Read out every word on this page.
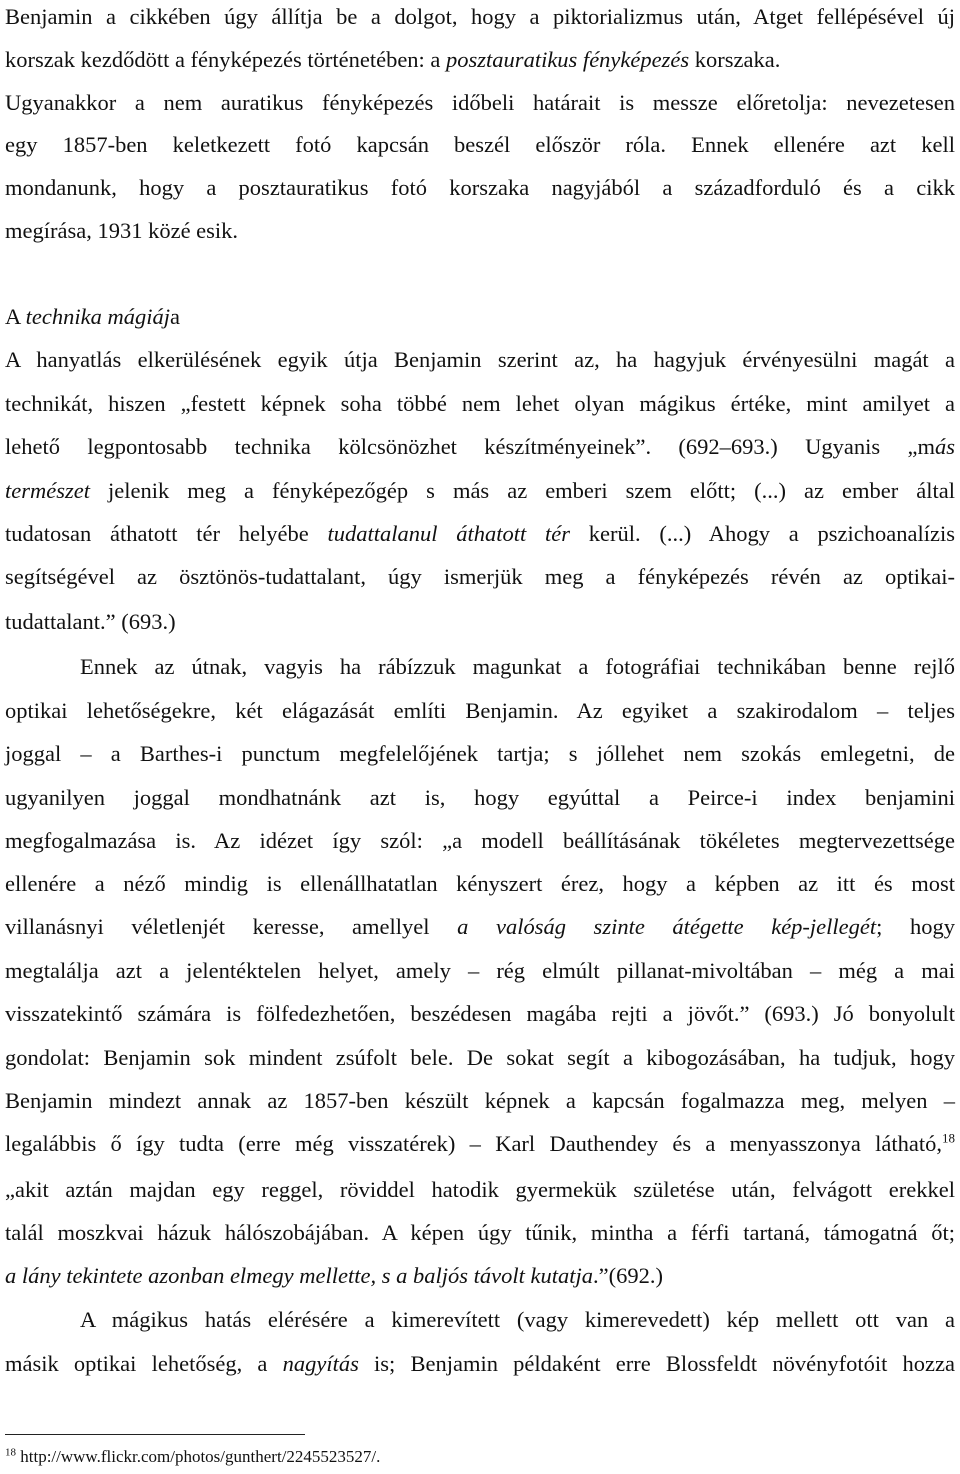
Benjamin a cikkében úgy állítja be a dolgot, hogy a piktorializmus után, Atget fellépésével új
korszak kezdődött a fényképezés történetében: a posztauratikus fényképezés korszaka.
Ugyanakkor a nem auratikus fényképezés időbeli határait is messze előretolja: nevezetesen
egy 1857-ben keletkezett fotó kapcsán beszél először róla. Ennek ellenére azt kell
mondanunk, hogy a posztauratikus fotó korszaka nagyjából a századforduló és a cikk
megírása, 1931 közé esik.
A technika mágiája
A hanyatlás elkerülésének egyik útja Benjamin szerint az, ha hagyjuk érvényesülni magát a
technikát, hiszen „festett képnek soha többé nem lehet olyan mágikus értéke, mint amilyet a
lehető legpontosabb technika kölcsönözhet készítményeinek”. (692–693.) Ugyanis „más
természet jelenik meg a fényképezőgép s más az emberi szem előtt; (...) az ember által
tudatosan áthatott tér helyébe tudattalanul áthatott tér kerül. (...) Ahogy a pszichoanalízis
segítségével az ösztönös-tudattalant, úgy ismerjük meg a fényképezés révén az optikai-
tudattalant.” (693.)
Ennek az útnak, vagyis ha rábízzuk magunkat a fotográfiai technikában benne rejlő
optikai lehetőségekre, két elágazását említi Benjamin. Az egyiket a szakirodalom – teljes
joggal – a Barthes-i punctum megfelelőjének tartja; s jóllehet nem szokás emlegetni, de
ugyanilyen joggal mondhatnánk azt is, hogy egyúttal a Peirce-i index benjamini
megfogalmazása is. Az idézet így szól: „a modell beállításának tökéletes megtervezettsége
ellenére a néző mindig is ellenállhatatlan kényszert érez, hogy a képben az itt és most
villanásnyi véletlenjét keresse, amellyel a valóság szinte átégette kép-jellegét; hogy
megtalálja azt a jelentéktelen helyet, amely – rég elmúlt pillanat-mivoltában – még a mai
visszatekintő számára is fölfedezhetően, beszédesen magába rejti a jövőt.” (693.) Jó bonyolult
gondolat: Benjamin sok mindent zsúfolt bele. De sokat segít a kibogozásában, ha tudjuk, hogy
Benjamin mindezt annak az 1857-ben készült képnek a kapcsán fogalmazza meg, melyen –
legalábbis ő így tudta (erre még visszatérek) – Karl Dauthendey és a menyasszonya látható,$^{18}$
„akit aztán majdan egy reggel, röviddel hatodik gyermekük születése után, felvágott erekkel
talál moszkvai házuk hálószobájában. A képen úgy tűnik, mintha a férfi tartaná, támogatná őt;
a lány tekintete azonban elmegy mellette, s a baljós távolt kutatja.”(692.)
A mágikus hatás elérésére a kimerevített (vagy kimerevedett) kép mellett ott van a
másik optikai lehetőség, a nagyítás is; Benjamin példaként erre Blossfeldt növényfotóit hozza
$^{18}$ http://www.flickr.com/photos/gunthert/2245523527/.
